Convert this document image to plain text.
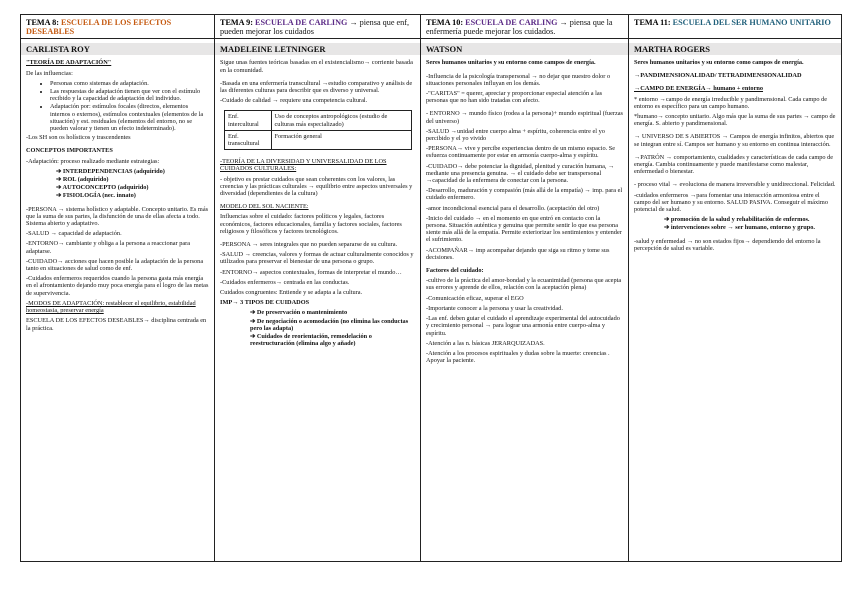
TEMA 8: ESCUELA DE LOS EFECTOS DESEABLES
CARLISTA ROY
"TEORÍA DE ADAPTACIÓN"
De las influencias:
• Personas como sistemas de adaptación.
• Las respuestas de adaptación tienen que ver con el estímulo recibido y la capacidad de adaptación del individuo.
• Adaptación por: estímulos focales (directos, elementos internos o externos), estímulos contextuales (elementos de la situación) y est. residuales (elementos del entorno, no se pueden valorar y tienen un efecto indeterminado).
-Los SH son os holísticos y trascendentes
CONCEPTOS IMPORTANTES
-Adaptación: proceso realizado mediante estrategias:
➔ INTERDEPENDENCIAS (adquirido)
➔ ROL (adquirido)
➔ AUTOCONCEPTO (adquirido)
➔ FISIOLOGÍA (nec. innato)
-PERSONA → sistema holístico y adaptable. Concepto unitario. Es más que la suma de sus partes, la disfunción de una de ellas afecta a todo. Sistema abierto y adaptativo.
-SALUD → capacidad de adaptación.
-ENTORNO→ cambiante y obliga a la persona a reaccionar para adaptarse.
-CUIDADO→ acciones que hacen posible la adaptación de la persona tanto en situaciones de salud como de enf.
-Cuidados enfermeros requeridos cuando la persona gasta más energía en el afrontamiento dejando muy poca energía para el logro de las metas de supervivencia.
-MODOS DE ADAPTACIÓN: restablecer el equilibrio, estabilidad homeostasia, preservar energía
ESCUELA DE LOS EFECTOS DESEABLES→ disciplina centrada en la práctica.
TEMA 9: ESCUELA DE CARLING → piensa que enf, pueden mejorar los cuidados
MADELEINE LETNINGER
Sigue unas fuentes teóricas basadas en el existencialismo→ corriente basada en la comunidad.
-Basada en una enfermería transcultural →estudio comparativo y análisis de las diferentes culturas para describir que es diverso y universal.
-Cuidado de calidad → requiere una competencia cultural.
Enf. intercultural	Uso de conceptos antropológicos (estudio de culturas más especializado)
Enf. transcultural	Formación general
-TEORÍA DE LA DIVERSIDAD Y UNIVERSALIDAD DE LOS CUIDADOS CULTURALES:
- objetivo es prestar cuidados que sean coherentes con los valores, las creencias y las prácticas culturales → equilibrio entre aspectos universales y diversidad (dependientes de la cultura)
MODELO DEL SOL NACIENTE:
Influencias sobre el cuidado: factores políticos y legales, factores económicos, factores educacionales, familia y factores sociales, factores religiosos y filosóficos y factores tecnológicos.
-PERSONA → seres integrales que no pueden separarse de su cultura.
-SALUD → creencias, valores y formas de actuar culturalmente conocidos y utilizados para preservar el bienestar de una persona o grupo.
-ENTORNO→ aspectos contextuales, formas de interpretar el mundo…
-Cuidados enfermeros→ centrada en las conductas.
Cuidados congruentes: Entiende y se adapta a la cultura.
IMP→ 3 TIPOS DE CUIDADOS
➔ De preservación o mantenimiento
➔ De negociación o acomodación (no elimina las conductas pero las adapta)
➔ Cuidados de reorientación, remodelación o reestructuración (elimina algo y añade)
TEMA 10: ESCUELA DE CARLING → piensa que la enfermería puede mejorar los cuidados.
WATSON
Seres humanos unitarios y su entorno como campos de energía.
-Influencia de la psicología transpersonal → no dejar que nuestro dolor o situaciones personales influyan en los demás.
-"CARITAS" = querer, apreciar y proporcionar especial atención a las personas que no han sido tratadas con afecto.
- ENTORNO → mundo físico (rodea a la persona)+ mundo espiritual (fuerzas del universo)
-SALUD →unidad entre cuerpo alma + espíritu, coherencia entre el yo percibido y el yo vivido
-PERSONA→ vive y percibe experiencias dentro de un mismo espacio. Se esfuerza continuamente por estar en armonía cuerpo-alma y espíritu.
-CUIDADO→ debe potenciar la dignidad, plenitud y curación humana, → mediante una presencia genuina. → el cuidado debe ser transpersonal →capacidad de la enfermera de conectar con la persona.
-Desarrollo, maduración y compasión (más allá de la empatía) → imp. para el cuidado enfermero.
-amor incondicional esencial para el desarrollo. (aceptación del otro)
-Inicio del cuidado → en el momento en que entró en contacto con la persona. Situación auténtica y genuina que permite sentir lo que esa persona siente más allá de la empatía. Permite exteriorizar los sentimientos y entender el sufrimiento.
-ACOMPAÑAR→ imp acompañar dejando que siga su ritmo y tome sus decisiones.
Factores del cuidado:
-cultivo de la práctica del amor-bondad y la ecuanimidad (persona que acepta sus errores y aprende de ellos, relación con la aceptación plena)
-Comunicación eficaz, superar el EGO
-Importante conocer a la persona y usar la creatividad.
-Las enf. deben guiar el cuidado el aprendizaje experimental del autocuidado y crecimiento personal → para lograr una armonía entre cuerpo-alma y espíritu.
-Atención a las n. básicas JERARQUIZADAS.
-Atención a los procesos espirituales y dudas sobre la muerte: creencias . Apoyar la paciente.
TEMA 11: ESCUELA DEL SER HUMANO UNITARIO
MARTHA ROGERS
Seres humanos unitarios y su entorno como campos de energía.
→PANDIMENSIONALIDAD/ TETRADIMENSIONALIDAD
→CAMPO DE ENERGÍA→ humano + entorno
* entorno →campo de energía irreducible y pandimensional. Cada campo de entorno es específico para un campo humano.
*humano→ concepto unitario. Algo más que la suma de sus partes → campo de energía. S. abierto y pandimensional.
→ UNIVERSO DE S ABIERTOS → Campos de energía infinitos, abiertos que se integran entre sí. Campos ser humano y su entorno en continua interacción.
→PATRÓN → comportamiento, cualidades y características de cada campo de energía. Cambia continuamente y puede manifestarse como malestar, enfermedad o bienestar.
- proceso vital → evoluciona de manera irreversible y unidireccional. Felicidad.
-cuidados enfermeros →para fomentar una interacción armoniosa entre el campo del ser humano y su entorno. SALUD PASIVA. Conseguir el máximo potencial de salud.
➔ promoción de la salud y rehabilitación de enfermos.
➔ intervenciones sobre → ser humano, entorno y grupo.
-salud y enfermedad → no son estados fijos→ dependiendo del entorno la percepción de salud es variable.
